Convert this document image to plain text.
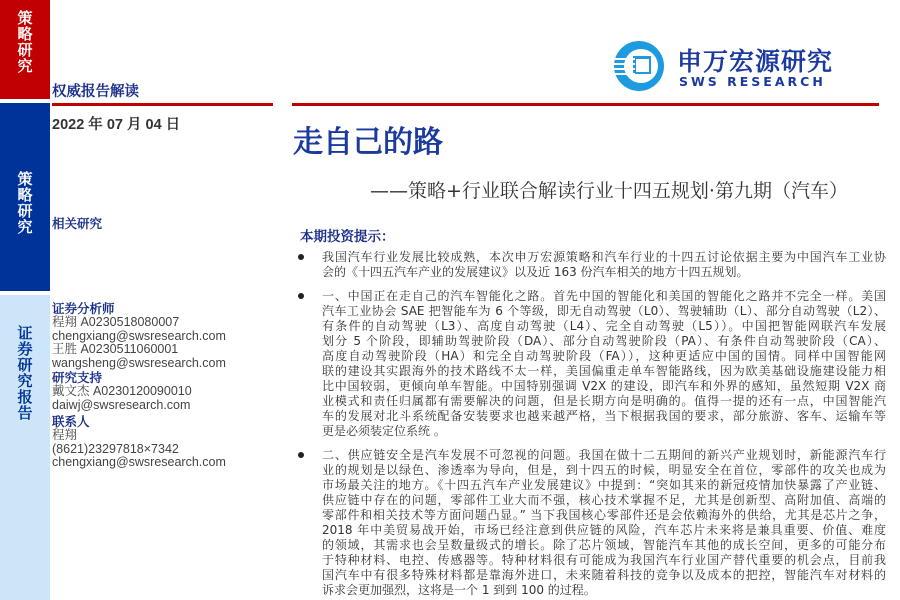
策
略
研
究
策
略
研
究
证
券
研
究
报
告
权威报告解读
2022 年 07 月 04 日
相关研究
证券分析师
程翔 A0230518080007
chengxiang@swsresearch.com
王胜 A0230511060001
wangsheng@swsresearch.com
研究支持
戴文杰 A0230120090010
daiwj@swsresearch.com
联系人
程翔
(8621)23297818×7342
chengxiang@swsresearch.com
申万宏源研究
SWS RESEARCH
走自己的路
——策略+行业联合解读行业十四五规划·第九期（汽车）
本期投资提示：
我国汽车行业发展比较成熟，本次申万宏源策略和汽车行业的十四五讨论依据主要为中国汽车工业协
会的《十四五汽车产业的发展建议》以及近 163 份汽车相关的地方十四五规划。
一、中国正在走自己的汽车智能化之路。首先中国的智能化和美国的智能化之路并不完全一样。美国
汽车工业协会 SAE 把智能车为 6 个等级，即无自动驾驶（L0）、驾驶辅助（L）、部分自动驾驶（L2）、
有条件的自动驾驶（L3）、高度自动驾驶（L4）、完全自动驾驶（L5））。中国把智能网联汽车发展
划分 5 个阶段，即辅助驾驶阶段（DA）、部分自动驾驶阶段（PA）、有条件自动驾驶阶段（CA）、
高度自动驾驶阶段（HA）和完全自动驾驶阶段（FA）），这种更适应中国的国情。同样中国智能网
联的建设其实跟海外的技术路线不太一样，美国偏重走单车智能路线，因为欧美基础设施建设能力相
比中国较弱，更倾向单车智能。中国特别强调 V2X 的建设，即汽车和外界的感知，虽然短期 V2X 商
业模式和责任归属都有需要解决的问题，但是长期方向是明确的。值得一提的还有一点，中国智能汽
车的发展对北斗系统配备安装要求也越来越严格，当下根据我国的要求，部分旅游、客车、运输车等
更是必须装定位系统 。
二、供应链安全是汽车发展不可忽视的问题。我国在做十二五期间的新兴产业规划时，新能源汽车行
业的规划是以绿色、渗透率为导向，但是，到十四五的时候，明显安全在首位，零部件的攻关也成为
市场最关注的地方。《十四五汽车产业发展建议》中提到：“突如其来的新冠疫情加快暴露了产业链、
供应链中存在的问题，零部件工业大而不强，核心技术掌握不足，尤其是创新型、高附加值、高端的
零部件和相关技术等方面问题凸显。” 当下我国核心零部件还是会依赖海外的供给，尤其是芯片之争，
2018 年中美贸易战开始，市场已经注意到供应链的风险，汽车芯片未来将是兼具重要、价值、难度
的领域，其需求也会呈数量级式的增长。除了芯片领域，智能汽车其他的成长空间，更多的可能分布
于特种材料、电控、传感器等。特种材料很有可能成为我国汽车行业国产替代重要的机会点，目前我
国汽车中有很多特殊材料都是靠海外进口，未来随着科技的竞争以及成本的把控，智能汽车对材料的
诉求会更加强烈，这将是一个 1 到到 100 的过程。
